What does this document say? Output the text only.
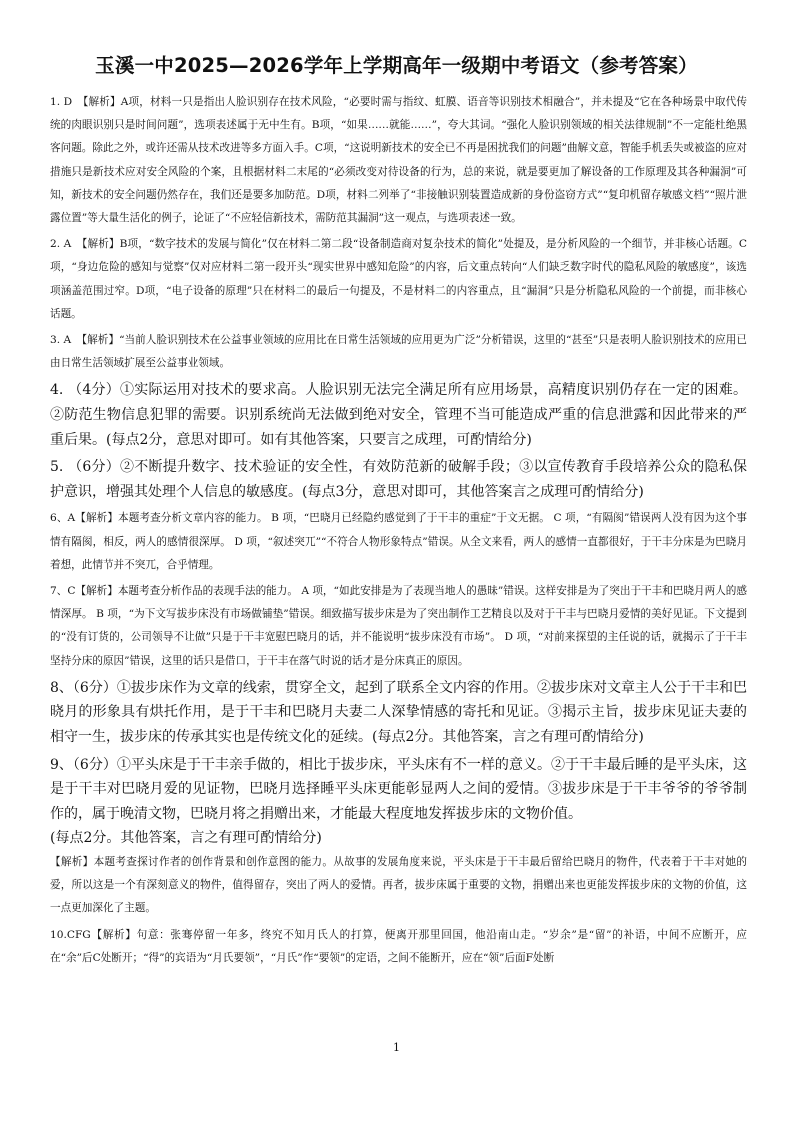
玉溪一中2025—2026学年上学期高年一级期中考语文（参考答案）

1. D　【解析】A项，材料一只是指出人脸识别存在技术风险，“必要时需与指纹、虹膜、语音等识别技术相融合”，并未提及“它在各种场景中取代传统的肉眼识别只是时间问题”，选项表述属于无中生有。B项，“如果……就能……”，夸大其词。“强化人脸识别领域的相关法律规制”不一定能杜绝黑客问题。除此之外，或许还需从技术改进等多方面入手。C项，“这说明新技术的安全已不再是困扰我们的问题”曲解文意，智能手机丢失或被盗的应对措施只是新技术应对安全风险的个案，且根据材料二末尾的“必须改变对待设备的行为，总的来说，就是要更加了解设备的工作原理及其各种漏洞”可知，新技术的安全问题仍然存在，我们还是要多加防范。D项，材料二列举了“非接触识别装置造成新的身份盗窃方式”“复印机留存敏感文档”“照片泄露位置”等大量生活化的例子，论证了“不应轻信新技术，需防范其漏洞”这一观点，与选项表述一致。

2. A　【解析】B项，“数字技术的发展与简化”仅在材料二第二段“设备制造商对复杂技术的简化”处提及，是分析风险的一个细节，并非核心话题。C项，“身边危险的感知与觉察”仅对应材料二第一段开头“现实世界中感知危险”的内容，后文重点转向“人们缺乏数字时代的隐私风险的敏感度”，该选项涵盖范围过窄。D项，“电子设备的原理”只在材料二的最后一句提及，不是材料二的内容重点，且“漏洞”只是分析隐私风险的一个前提，而非核心话题。

3. A　【解析】“当前人脸识别技术在公益事业领域的应用比在日常生活领域的应用更为广泛”分析错误，这里的“甚至”只是表明人脸识别技术的应用已由日常生活领域扩展至公益事业领域。

4. （4分）①实际运用对技术的要求高。人脸识别无法完全满足所有应用场景，高精度识别仍存在一定的困难。②防范生物信息犯罪的需要。识别系统尚无法做到绝对安全，管理不当可能造成严重的信息泄露和因此带来的严重后果。(每点2分，意思对即可。如有其他答案，只要言之成理，可酌情给分)

5. （6分）②不断提升数字、技术验证的安全性，有效防范新的破解手段；③以宣传教育手段培养公众的隐私保护意识，增强其处理个人信息的敏感度。(每点3分，意思对即可，其他答案言之成理可酌情给分)

6、A【解析】本题考查分析文章内容的能力。 B 项，“巴晓月已经隐约感觉到了于干丰的重症”于文无据。 C 项，“有隔阂”错误两人没有因为这个事情有隔阂，相反，两人的感情很深厚。 D 项，“叙述突兀”“不符合人物形象特点”错误。从全文来看，两人的感情一直都很好，于干丰分床是为巴晓月着想，此情节并不突兀，合乎情理。

7、C【解析】本题考查分析作品的表现手法的能力。 A 项，“如此安排是为了表现当地人的愚昧”错误。这样安排是为了突出于干丰和巴晓月两人的感情深厚。 B 项，“为下文写拔步床没有市场做铺垫”错误。细致描写拔步床是为了突出制作工艺精良以及对于干丰与巴晓月爱情的美好见证。下文提到的“没有订货的，公司领导不让做”只是于干丰宽慰巴晓月的话，并不能说明“拔步床没有市场”。 D 项，“对前来探望的主任说的话，就揭示了于干丰坚持分床的原因”错误，这里的话只是借口，于干丰在落气时说的话才是分床真正的原因。

8、（6分）①拔步床作为文章的线索，贯穿全文，起到了联系全文内容的作用。②拔步床对文章主人公于干丰和巴晓月的形象具有烘托作用，是于干丰和巴晓月夫妻二人深挚情感的寄托和见证。③揭示主旨，拔步床见证夫妻的相守一生，拔步床的传承其实也是传统文化的延续。(每点2分。其他答案，言之有理可酌情给分)

9、（6分）①平头床是于干丰亲手做的，相比于拔步床，平头床有不一样的意义。②于干丰最后睡的是平头床，这是于干丰对巴晓月爱的见证物，巴晓月选择睡平头床更能彰显两人之间的爱情。③拔步床是于干丰爷爷的爷爷制作的，属于晚清文物，巴晓月将之捐赠出来，才能最大程度地发挥拔步床的文物价值。

(每点2分。其他答案，言之有理可酌情给分)

【解析】本题考查探讨作者的创作背景和创作意图的能力。从故事的发展角度来说，平头床是于干丰最后留给巴晓月的物件，代表着于干丰对她的爱，所以这是一个有深刻意义的物件，值得留存，突出了两人的爱情。再者，拔步床属于重要的文物，捐赠出来也更能发挥拔步床的文物的价值，这一点更加深化了主题。

10.CFG【解析】句意：张骞停留一年多，终究不知月氏人的打算，便离开那里回国，他沿南山走。“岁余”是“留”的补语，中间不应断开，应在“余”后C处断开；“得”的宾语为“月氏要领”，“月氏”作“要领”的定语，之间不能断开，应在“领”后面F处断

1
